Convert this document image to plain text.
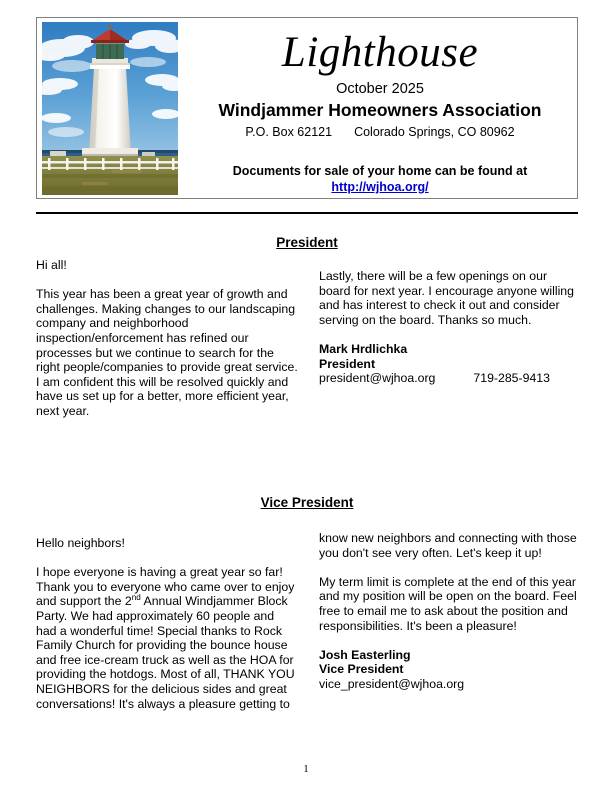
Lighthouse
October 2025
Windjammer Homeowners Association
P.O. Box 62121 Colorado Springs, CO 80962
Documents for sale of your home can be found at
http://wjhoa.org/
President

Hi all!

This year has been a great year of growth and challenges. Making changes to our landscaping company and neighborhood inspection/enforcement has refined our processes but we continue to search for the right people/companies to provide great service. I am confident this will be resolved quickly and have us set up for a better, more efficient year, next year.

Lastly, there will be a few openings on our board for next year. I encourage anyone willing and has interest to check it out and consider serving on the board. Thanks so much.

Mark Hrdlichka
President

president@wjhoa.org	719-285-9413

Vice President

Hello neighbors!

I hope everyone is having a great year so far! Thank you to everyone who came over to enjoy and support the 2nd Annual Windjammer Block Party. We had approximately 60 people and had a wonderful time! Special thanks to Rock Family Church for providing the bounce house and free ice-cream truck as well as the HOA for providing the hotdogs. Most of all, THANK YOU NEIGHBORS for the delicious sides and great conversations! It's always a pleasure getting to

know new neighbors and connecting with those you don't see very often. Let's keep it up!

My term limit is complete at the end of this year and my position will be open on the board. Feel free to email me to ask about the position and responsibilities. It's been a pleasure!

Josh Easterling
Vice President
vice_president@wjhoa.org

1
